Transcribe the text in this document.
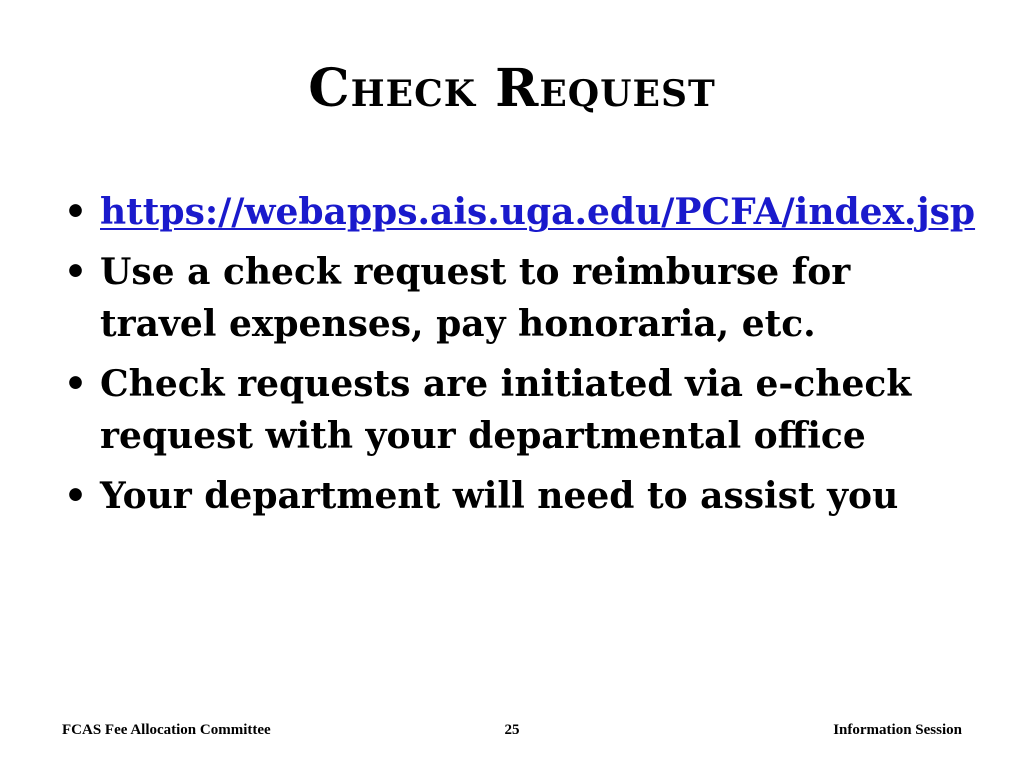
Check Request
• https://webapps.ais.uga.edu/PCFA/index.jsp
• Use a check request to reimburse for travel expenses, pay honoraria, etc.
• Check requests are initiated via e-check request with your departmental office
• Your department will need to assist you
FCAS Fee Allocation Committee	25	Information Session
